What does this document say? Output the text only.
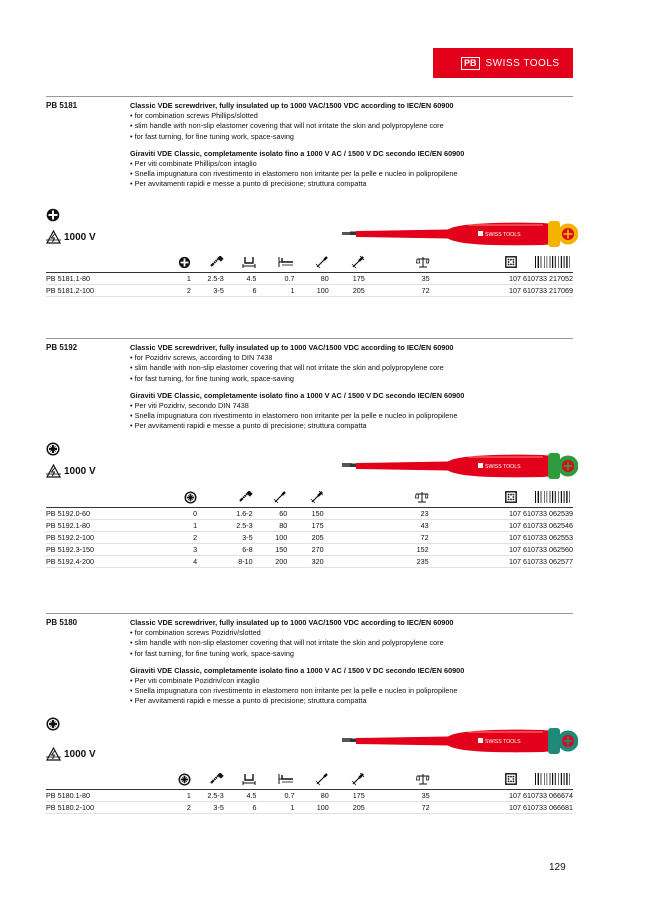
PB SWISS TOOLS
PB 5181	Classic VDE screwdriver, fully insulated up to 1000 VAC/1500 VDC according to IEC/EN 60900
• for combination screws Phillips/slotted
• slim handle with non-slip elastomer covering that will not irritate the skin and polypropylene core
• for fast turning, for fine tuning work, space-saving
Giraviti VDE Classic, completamente isolato fino a 1000 V AC / 1500 V DC secondo IEC/EN 60900
• Per viti combinate Phillips/con intaglio
• Snella impugnatura con rivestimento in elastomero non irritante per la pelle e nucleo in polipropilene
• Per avvitamenti rapidi e messe a punto di precisione; struttura compatta
1000 V	SWISS TOOLS

PB 5181.1-80	1	2.5-3	4.5	0.7	80	175	35	10	7 610733 217052
PB 5181.2-100	2	3-5	6	1	100	205	72	10	7 610733 217069
PB 5192	Classic VDE screwdriver, fully insulated up to 1000 VAC/1500 VDC according to IEC/EN 60900
• for Pozidriv screws, according to DIN 7438
• slim handle with non-slip elastomer covering that will not irritate the skin and polypropylene core
• for fast turning, for fine tuning work, space-saving
Giraviti VDE Classic, completamente isolato fino a 1000 V AC / 1500 V DC secondo IEC/EN 60900
• Per viti Pozidriv, secondo DIN 7438
• Snella impugnatura con rivestimento in elastomero non irritante per la pelle e nucleo in polipropilene
• Per avvitamenti rapidi e messe a punto di precisione; struttura compatta
1000 V	SWISS TOOLS

PB 5192.0-60	0	1.6-2	60	150	23	10	7 610733 062539
PB 5192.1-80	1	2.5-3	80	175	43	10	7 610733 062546
PB 5192.2-100	2	3-5	100	205	72	10	7 610733 062553
PB 5192.3-150	3	6-8	150	270	152	10	7 610733 062560
PB 5192.4-200	4	8-10	200	320	235	10	7 610733 062577
PB 5180	Classic VDE screwdriver, fully insulated up to 1000 VAC/1500 VDC according to IEC/EN 60900
• for combination screws Pozidriv/slotted
• slim handle with non-slip elastomer covering that will not irritate the skin and polypropylene core
• for fast turning, for fine tuning work, space-saving
Giraviti VDE Classic, completamente isolato fino a 1000 V AC / 1500 V DC secondo IEC/EN 60900
• Per viti combinate Pozidriv/con intaglio
• Snella impugnatura con rivestimento in elastomero non irritante per la pelle e nucleo in polipropilene
• Per avvitamenti rapidi e messe a punto di precisione; struttura compatta
1000 V
SWISS TOOLS

PB 5180.1-80	1	2.5-3	4.5	0.7	80	175	35	10	7 610733 066674
PB 5180.2-100	2	3-5	6	1	100	205	72	10	7 610733 066681
129
